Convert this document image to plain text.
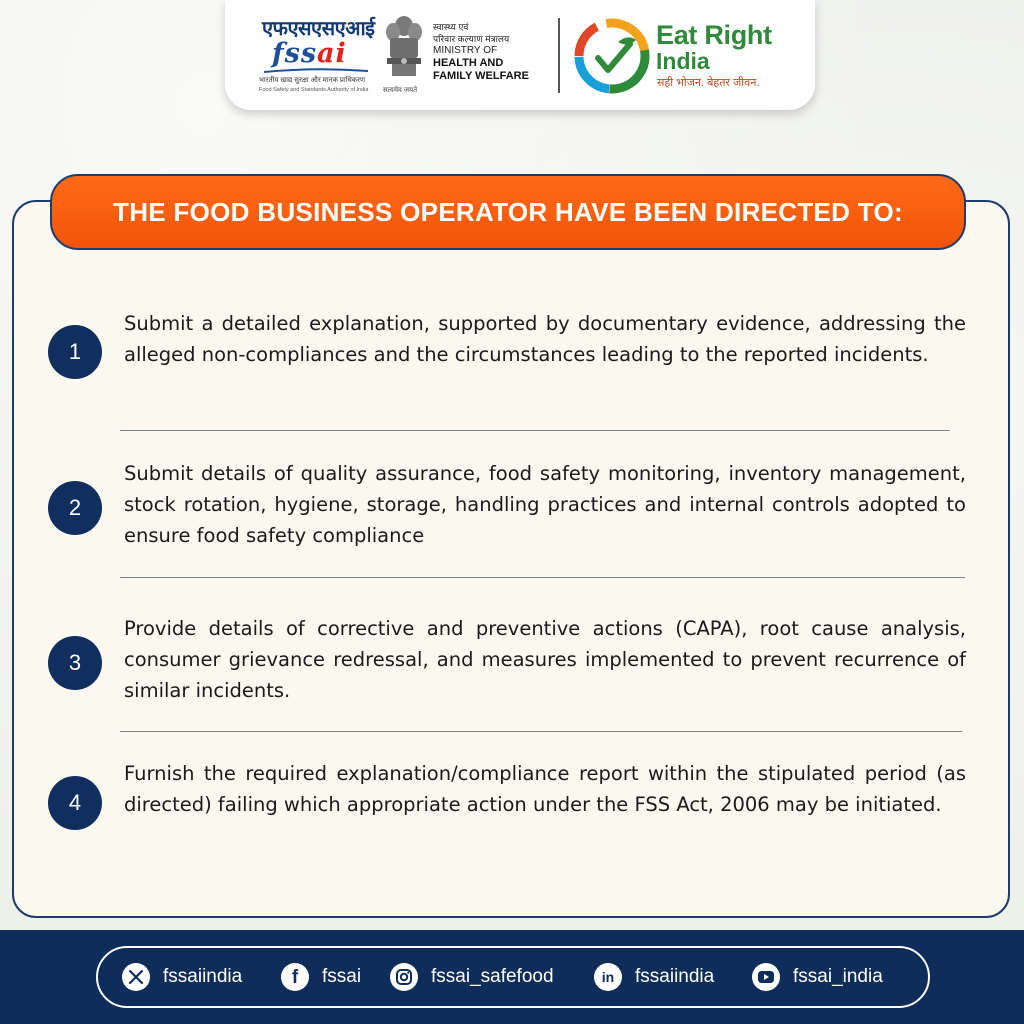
एफएसएसएआई
fssai
भारतीय खाद्य सुरक्षा और मानक प्राधिकरण
Food Safety and Standards Authority of India सत्यमेव जयते
स्वास्थ्य एवं
परिवार कल्याण मंत्रालय
MINISTRY OF
HEALTH AND
FAMILY WELFARE
Eat Right
India
सही भोजन. बेहतर जीवन.
THE FOOD BUSINESS OPERATOR HAVE BEEN DIRECTED TO:
1

Submit a detailed explanation, supported by documentary evidence, addressing the alleged non-compliances and the circumstances leading to the reported incidents.

2

Submit details of quality assurance, food safety monitoring, inventory management, stock rotation, hygiene, storage, handling practices and internal controls adopted to ensure food safety compliance

3

Provide details of corrective and preventive actions (CAPA), root cause analysis, consumer grievance redressal, and measures implemented to prevent recurrence of similar incidents.

4

Furnish the required explanation/compliance report within the stipulated period (as directed) failing which appropriate action under the FSS Act, 2006 may be initiated.

fssaiindia	f fssai	fssai_safefood	in fssaiindia	fssai_india
